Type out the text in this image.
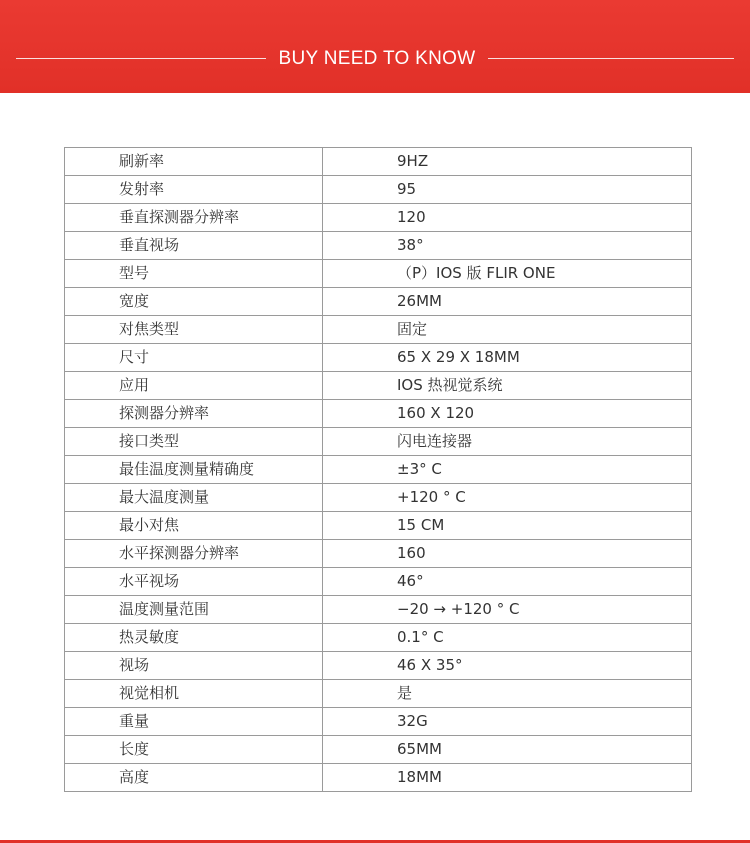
BUY NEED TO KNOW
刷新率	9HZ
发射率	95
垂直探测器分辨率	120
垂直视场	38°
型号	（P）IOS 版 FLIR ONE
宽度	26MM
对焦类型	固定
尺寸	65 X 29 X 18MM
应用	IOS 热视觉系统
探测器分辨率	160 X 120
接口类型	闪电连接器
最佳温度测量精确度	±3° C
最大温度测量	+120 ° C
最小对焦	15 CM
水平探测器分辨率	160
水平视场	46°
温度测量范围	−20 → +120 ° C
热灵敏度	0.1° C
视场	46 X 35°
视觉相机	是
重量	32G
长度	65MM
高度	18MM
